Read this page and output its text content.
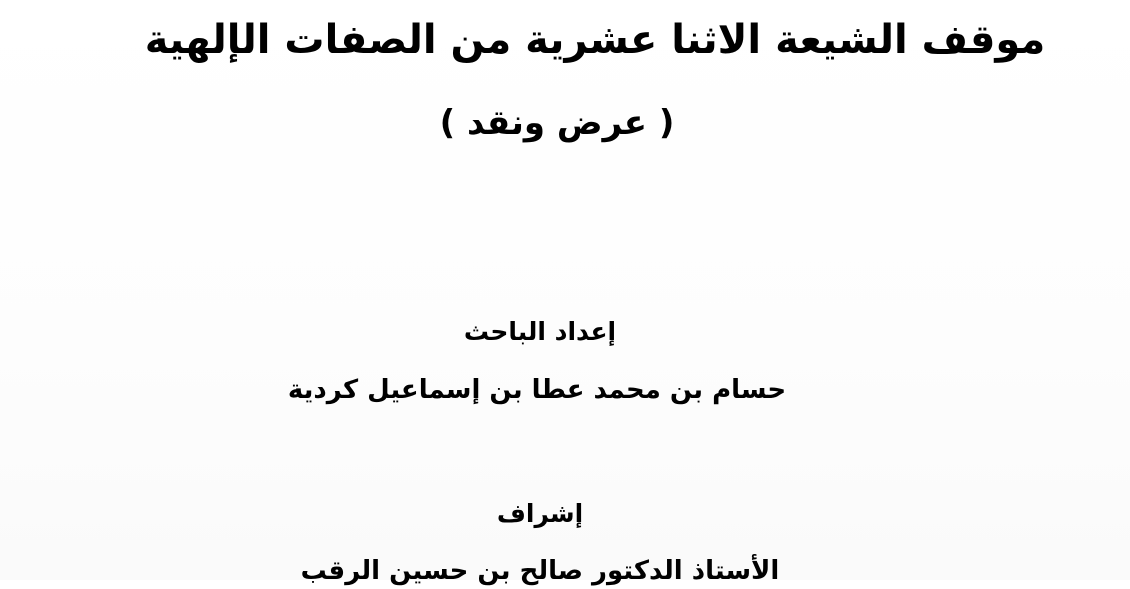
موقف الشيعة الاثنا عشرية من الصفات الإلهية
( عرض ونقد )
إعداد الباحث
حسام بن محمد عطا بن إسماعيل كردية
إشراف
الأستاذ الدكتور صالح بن حسين الرقب
